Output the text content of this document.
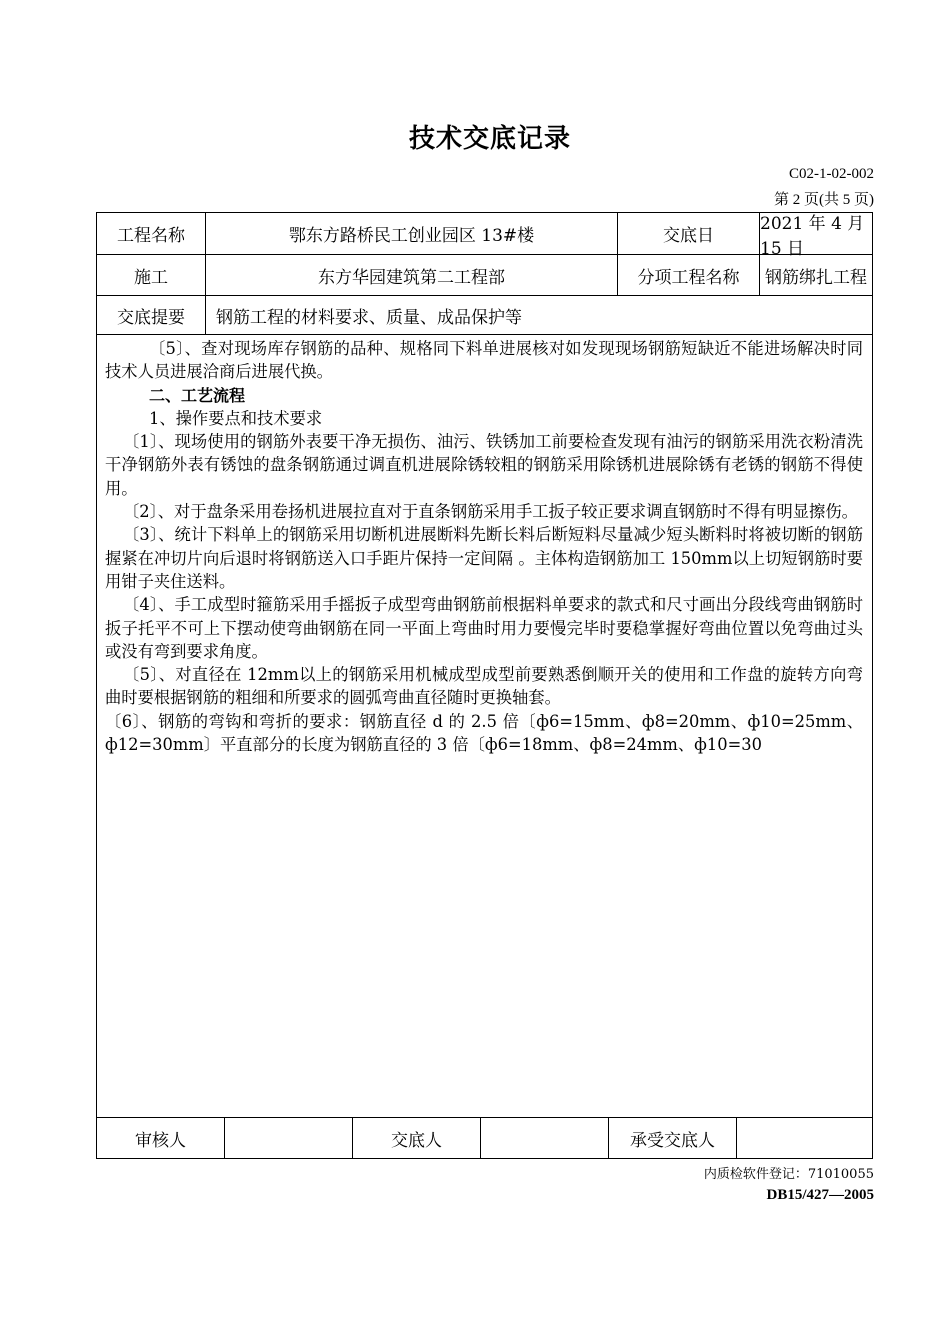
技术交底记录
C02-1-02-002
第 2 页(共 5 页)
工程名称	鄂东方路桥民工创业园区 13#楼	交底日
2021 年 4 月 15 日
施工	东方华园建筑第二工程部	分项工程名称	钢筋绑扎工程
交底提要	钢筋工程的材料要求、质量、成品保护等

〔5〕、查对现场库存钢筋的品种、规格同下料单进展核对如发现现场钢筋短缺近不能进场解决时同技术人员进展洽商后进展代换。

二、工艺流程

1、操作要点和技术要求

〔1〕、现场使用的钢筋外表要干净无损伤、油污、铁锈加工前要检查发现有油污的钢筋采用洗衣粉清洗干净钢筋外表有锈蚀的盘条钢筋通过调直机进展除锈较粗的钢筋采用除锈机进展除锈有老锈的钢筋不得使用。

〔2〕、对于盘条采用卷扬机进展拉直对于直条钢筋采用手工扳子较正要求调直钢筋时不得有明显擦伤。

〔3〕、统计下料单上的钢筋采用切断机进展断料先断长料后断短料尽量减少短头断料时将被切断的钢筋握紧在冲切片向后退时将钢筋送入口手距片保持一定间隔 。主体构造钢筋加工 150mm以上切短钢筋时要用钳子夹住送料。

〔4〕、手工成型时箍筋采用手摇扳子成型弯曲钢筋前根据料单要求的款式和尺寸画出分段线弯曲钢筋时扳子托平不可上下摆动使弯曲钢筋在同一平面上弯曲时用力要慢完毕时要稳掌握好弯曲位置以免弯曲过头或没有弯到要求角度。

〔5〕、对直径在 12mm以上的钢筋采用机械成型成型前要熟悉倒顺开关的使用和工作盘的旋转方向弯曲时要根据钢筋的粗细和所要求的圆弧弯曲直径随时更换轴套。

〔6〕、钢筋的弯钩和弯折的要求：钢筋直径 d 的 2.5 倍〔ф6=15mm、ф8=20mm、ф10=25mm、ф12=30mm〕平直部分的长度为钢筋直径的 3 倍〔ф6=18mm、ф8=24mm、ф10=30

审核人	交底人	承受交底人
内质检软件登记：71010055
DB15/427—2005
